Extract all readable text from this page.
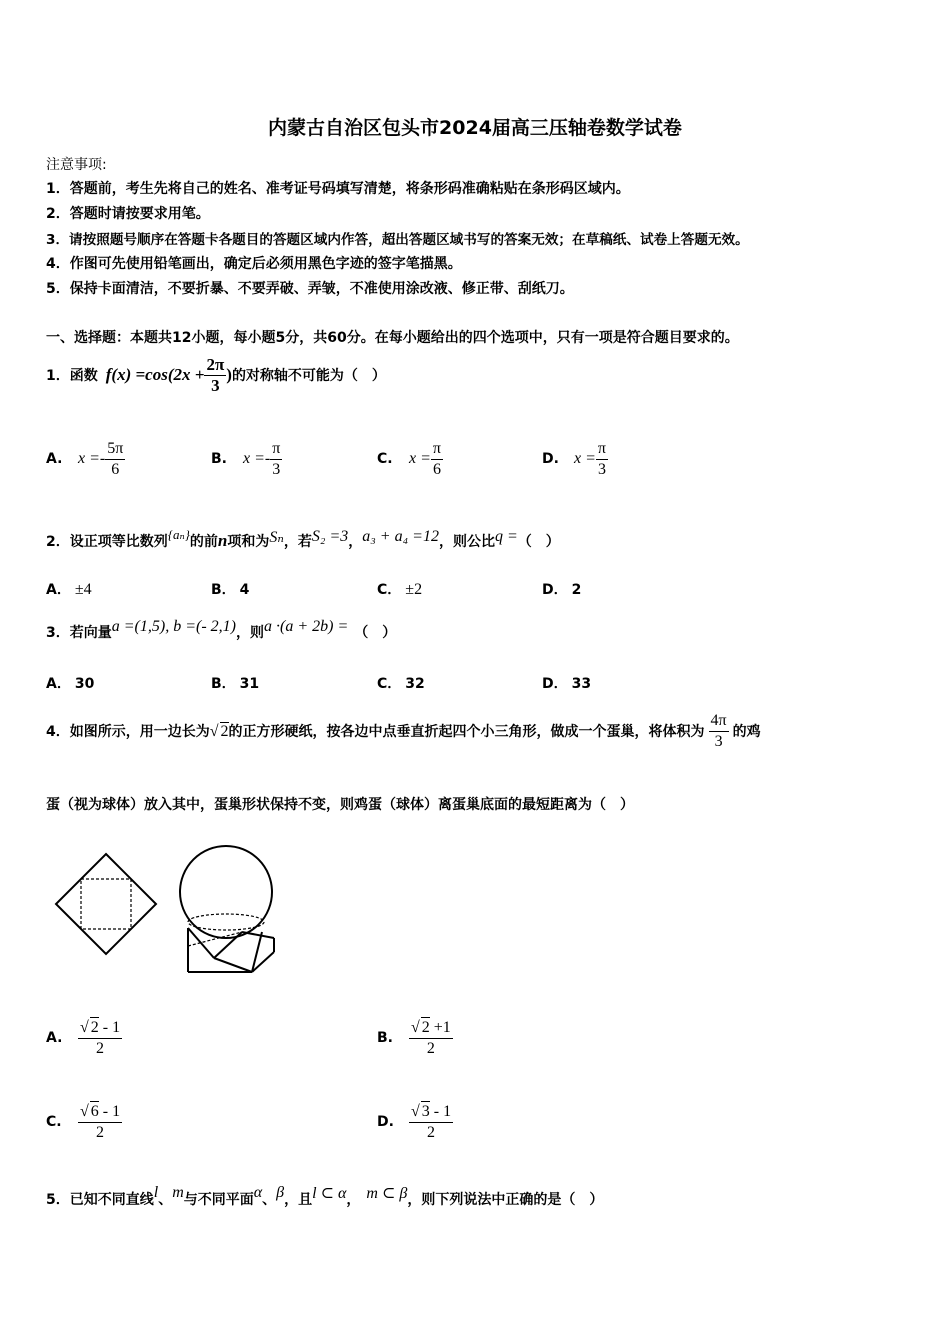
内蒙古自治区包头市2024届高三压轴卷数学试卷
注意事项:
1．答题前，考生先将自己的姓名、准考证号码填写清楚，将条形码准确粘贴在条形码区域内。
2．答题时请按要求用笔。
3．请按照题号顺序在答题卡各题目的答题区域内作答，超出答题区域书写的答案无效；在草稿纸、试卷上答题无效。
4．作图可先使用铅笔画出，确定后必须用黑色字迹的签字笔描黑。
5．保持卡面清洁，不要折暴、不要弄破、弄皱，不准使用涂改液、修正带、刮纸刀。
一、选择题：本题共12小题，每小题5分，共60分。在每小题给出的四个选项中，只有一项是符合题目要求的。
1．函数 $f(x) =\cos(2x + \frac{2\pi}{3}$ ) 的对称轴不可能为（　）
A. $x =- \frac{5\pi}{6}$	B.	$x =- \frac{\pi}{3}$	C.	$x = \frac{\pi}{6}$	D. $x = \frac{\pi}{3}$
2．设正项等比数列 {aₙ} 的前 n 项和为 Sₙ ，若 S₂ =3 ， a₃ + a₄ =12 ，则公比 q = （　）
A． ±4	B． 4	C． ±2	D． 2
3．若向量 a =(1,5), b =(- 2,1) ，则 a ·(a + 2b) = （　）
A． 30	B． 31	C． 32	D． 33
4．如图所示，用一边长为 √ 2 的正方形硬纸，按各边中点垂直折起四个小三角形，做成一个蛋巢，将体积为 $\frac{4\pi}{3}$ 的鸡
蛋（视为球体）放入其中，蛋巢形状保持不变，则鸡蛋（球体）离蛋巢底面的最短距离为（　）
A. $\frac{√ 2 - 1}{2}$	B.	$\frac{√ 2 +1}{2}$
C.	$\frac{√ 6 - 1}{2}$	D. $\frac{√ 3 - 1}{2}$
5．已知不同直线 l 、 m 与不同平面 α 、 β ，且 l ⊂ α ， m ⊂ β ，则下列说法中正确的是（　）
